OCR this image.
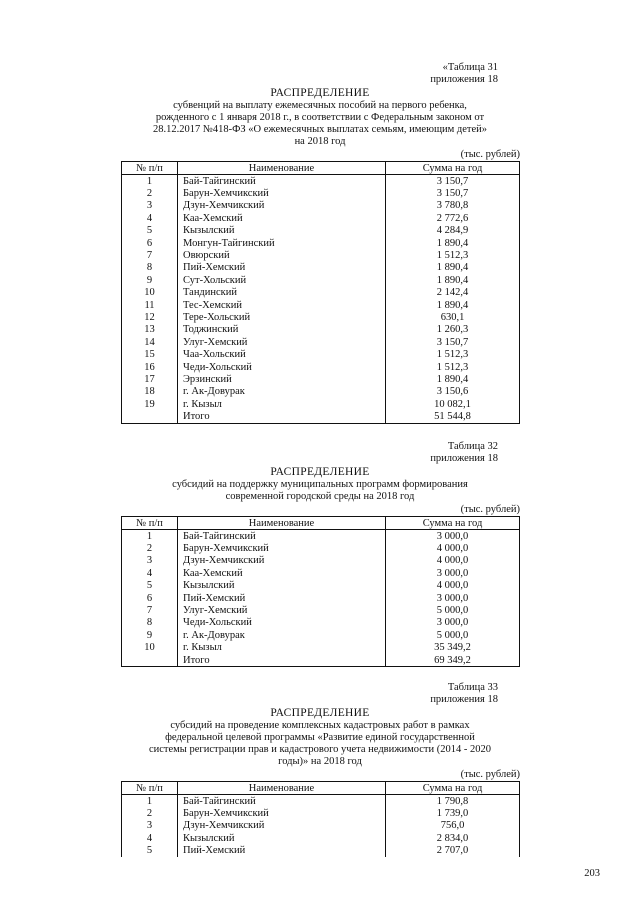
«Таблица 31
приложения 18
РАСПРЕДЕЛЕНИЕ
субвенций на выплату ежемесячных пособий на первого ребенка,
рожденного с 1 января 2018 г., в соответствии с Федеральным законом от
28.12.2017 №418-ФЗ «О ежемесячных выплатах семьям, имеющим детей»
на 2018 год
(тыс. рублей)
№ п/п	Наименование	Сумма на год
1	Бай-Тайгинский	3 150,7
2	Барун-Хемчикский	3 150,7
3	Дзун-Хемчикский	3 780,8
4	Каа-Хемский	2 772,6
5	Кызылский	4 284,9
6	Монгун-Тайгинский	1 890,4
7	Овюрский	1 512,3
8	Пий-Хемский	1 890,4
9	Сут-Хольский	1 890,4
10	Тандинский	2 142,4
11	Тес-Хемский	1 890,4
12	Тере-Хольский	630,1
13	Тоджинский	1 260,3
14	Улуг-Хемский	3 150,7
15	Чаа-Хольский	1 512,3
16	Чеди-Хольский	1 512,3
17	Эрзинский	1 890,4
18	г. Ак-Довурак	3 150,6
19	г. Кызыл	10 082,1
	Итого	51 544,8
Таблица 32
приложения 18
РАСПРЕДЕЛЕНИЕ
субсидий на поддержку муниципальных программ формирования
современной городской среды на 2018 год
(тыс. рублей)
№ п/п	Наименование	Сумма на год
1	Бай-Тайгинский	3 000,0
2	Барун-Хемчикский	4 000,0
3	Дзун-Хемчикский	4 000,0
4	Каа-Хемский	3 000,0
5	Кызылский	4 000,0
6	Пий-Хемский	3 000,0
7	Улуг-Хемский	5 000,0
8	Чеди-Хольский	3 000,0
9	г. Ак-Довурак	5 000,0
10	г. Кызыл	35 349,2
	Итого	69 349,2
Таблица 33
приложения 18
РАСПРЕДЕЛЕНИЕ
субсидий на проведение комплексных кадастровых работ в рамках
федеральной целевой программы «Развитие единой государственной
системы регистрации прав и кадастрового учета недвижимости (2014 - 2020
годы)» на 2018 год
(тыс. рублей)
№ п/п	Наименование	Сумма на год
1	Бай-Тайгинский	1 790,8
2	Барун-Хемчикский	1 739,0
3	Дзун-Хемчикский	756,0
4	Кызылский	2 834,0
5	Пий-Хемский	2 707,0
203
